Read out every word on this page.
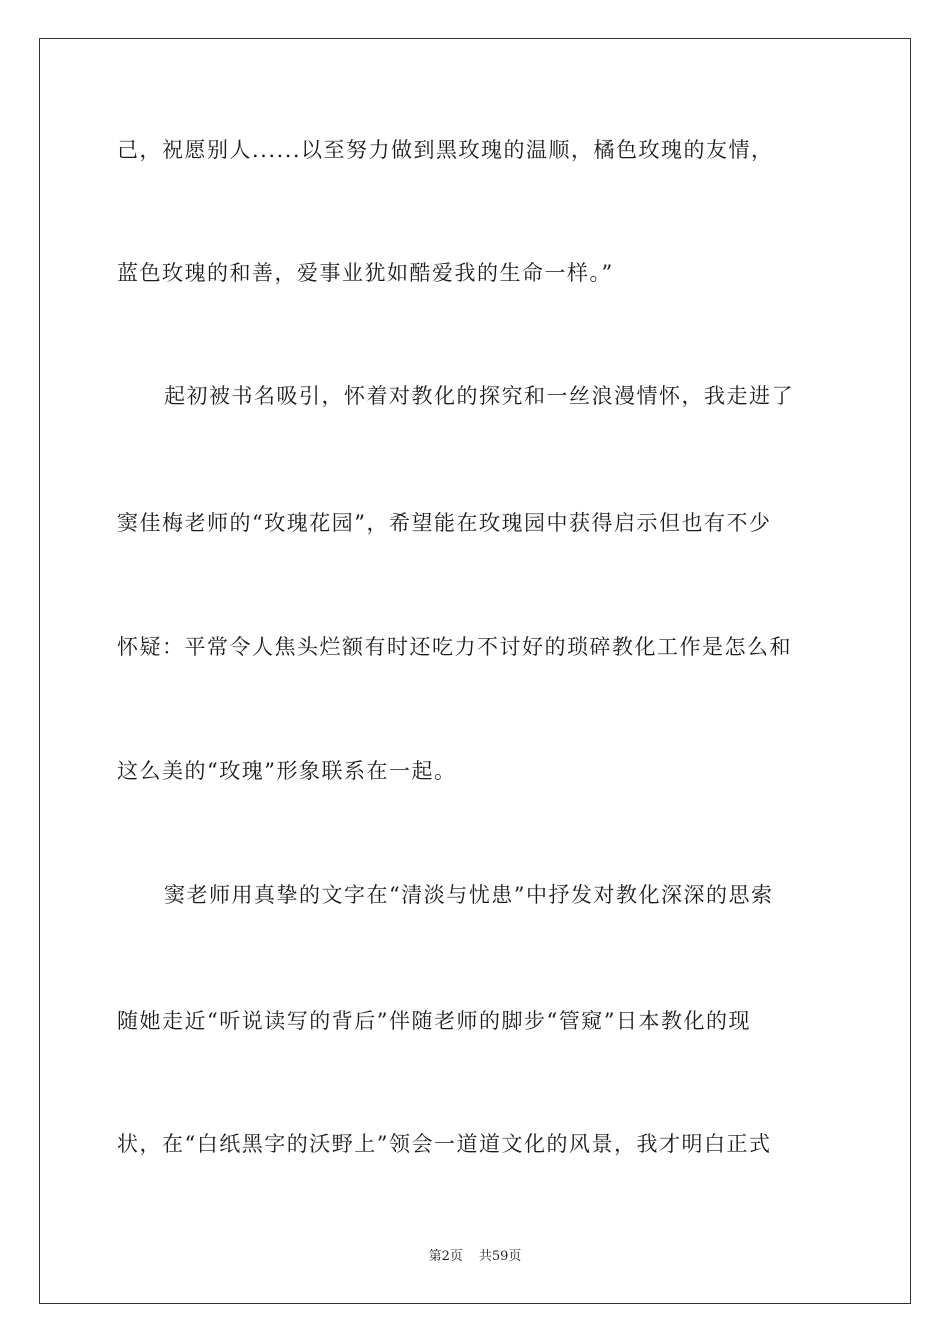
己，祝愿别人......以至努力做到黑玫瑰的温顺，橘色玫瑰的友情，
蓝色玫瑰的和善，爱事业犹如酷爱我的生命一样。”
起初被书名吸引，怀着对教化的探究和一丝浪漫情怀，我走进了
窦佳梅老师的“玫瑰花园”，希望能在玫瑰园中获得启示但也有不少
怀疑：平常令人焦头烂额有时还吃力不讨好的琐碎教化工作是怎么和
这么美的“玫瑰”形象联系在一起。
窦老师用真挚的文字在“清淡与忧患”中抒发对教化深深的思索
随她走近“听说读写的背后”伴随老师的脚步“管窥”日本教化的现
状，在“白纸黑字的沃野上”领会一道道文化的风景，我才明白正式
第2页 共59页
